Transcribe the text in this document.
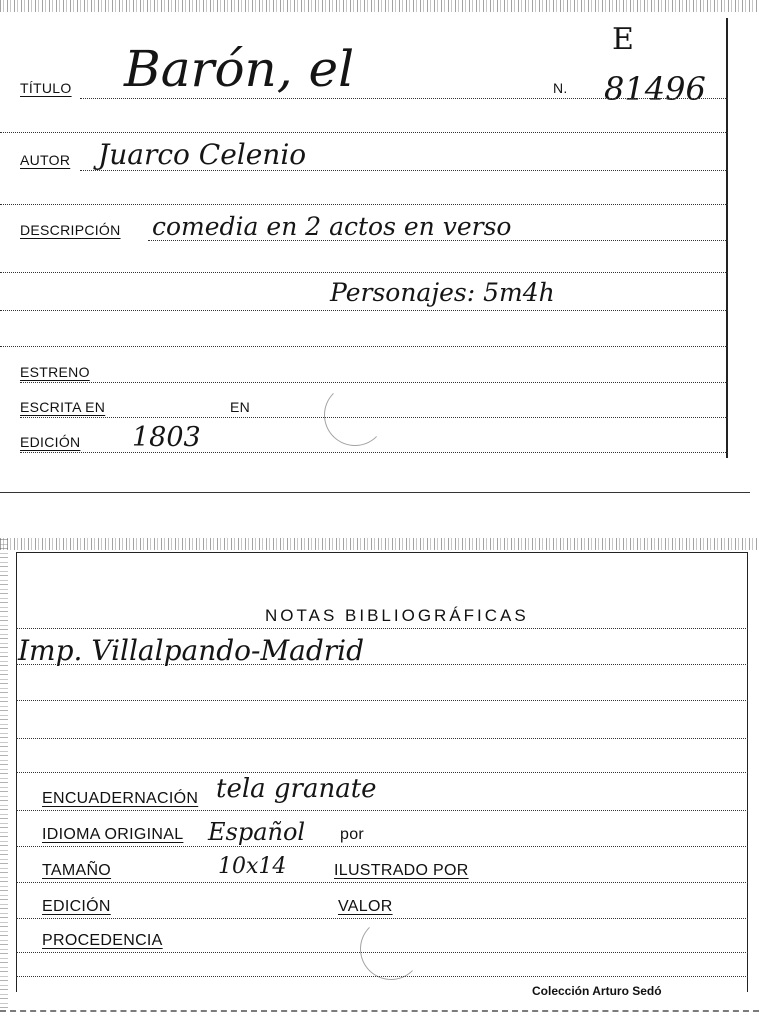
E
TÍTULO Barón, el	N. 81496
AUTOR Juarco Celenio
DESCRIPCIÓN comedia en 2 actos en verso
Personajes: 5m4h
ESTRENO
ESCRITA EN	EN
EDICIÓN 1803
NOTAS BIBLIOGRÁFICAS
Imp. Villalpando-Madrid
ENCUADERNACIÓN tela granate
IDIOMA ORIGINAL Español por
TAMAÑO	10x14	ILUSTRADO POR
EDICIÓN	VALOR
PROCEDENCIA
Colección Arturo Sedó
